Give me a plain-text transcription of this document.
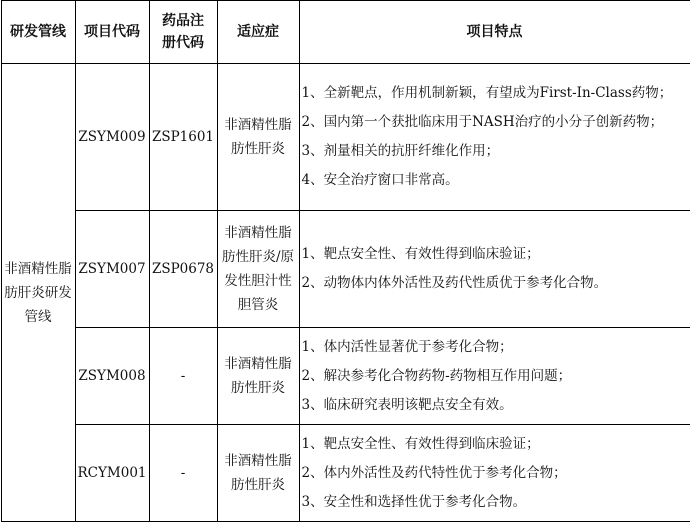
研发管线	项目代码	药品注册代码	适应症	项目特点
非酒精性脂肪肝炎研发管线	ZSYM009	ZSP1601	非酒精性脂肪性肝炎	1、全新靶点，作用机制新颖，有望成为First-In-Class药物；
2、国内第一个获批临床用于NASH治疗的小分子创新药物；
3、剂量相关的抗肝纤维化作用；
4、安全治疗窗口非常高。

	ZSYM007	ZSP0678	非酒精性脂肪性肝炎/原发性胆汁性胆管炎	1、靶点安全性、有效性得到临床验证；
2、动物体内体外活性及药代性质优于参考化合物。

	ZSYM008	-	非酒精性脂肪性肝炎	1、体内活性显著优于参考化合物；
2、解决参考化合物药物-药物相互作用问题；
3、临床研究表明该靶点安全有效。

	RCYM001	-	非酒精性脂肪性肝炎	1、靶点安全性、有效性得到临床验证；
2、体内外活性及药代特性优于参考化合物；
3、安全性和选择性优于参考化合物。
